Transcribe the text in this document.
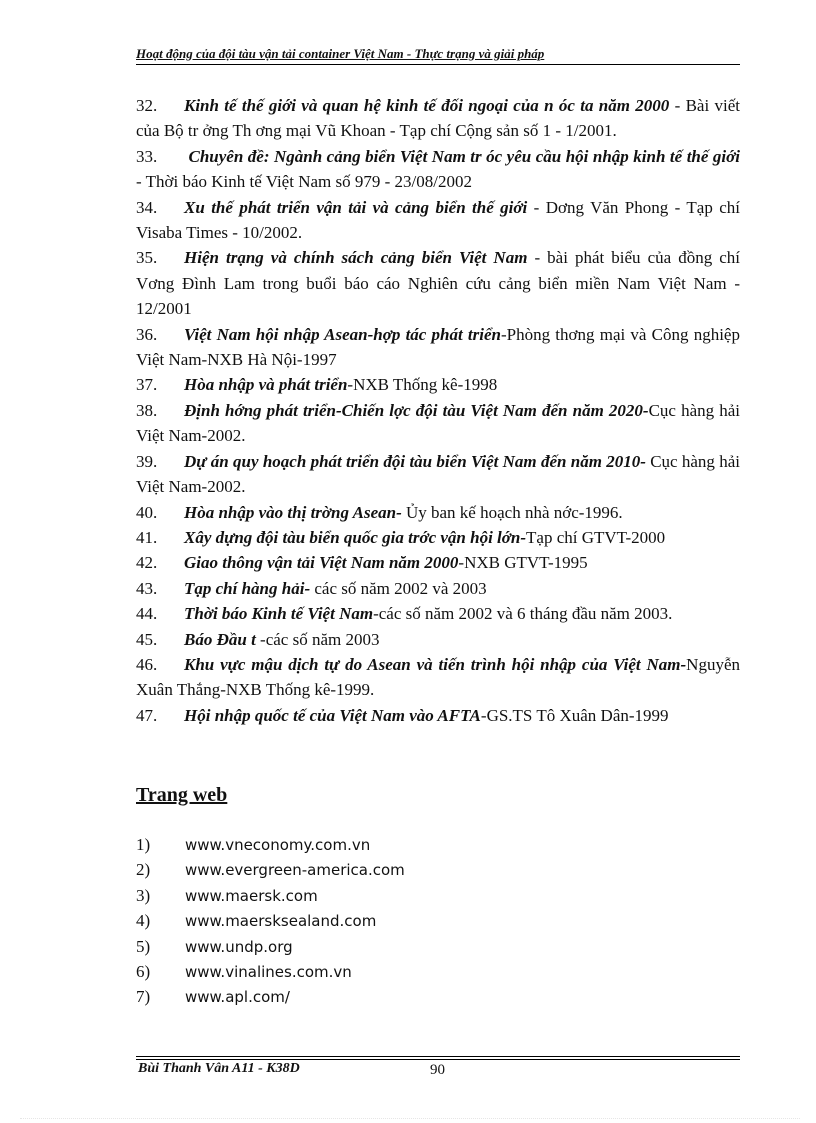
Hoạt động của đội tàu vận tải container Việt Nam - Thực trạng và giải pháp
32. Kinh tế thế giới và quan hệ kinh tế đối ngoại của n óc ta năm 2000 - Bài viết của Bộ tr ởng Th ơng mại Vũ Khoan - Tạp chí Cộng sản số 1 - 1/2001.
33. Chuyên đề: Ngành cảng biển Việt Nam tr óc yêu cầu hội nhập kinh tế thế giới - Thời báo Kinh tế Việt Nam số 979 - 23/08/2002
34. Xu thế phát triển vận tải và cảng biển thế giới - Dơng Văn Phong - Tạp chí Visaba Times - 10/2002.
35. Hiện trạng và chính sách cảng biển Việt Nam - bài phát biểu của đồng chí Vơng Đình Lam trong buổi báo cáo Nghiên cứu cảng biển miền Nam Việt Nam - 12/2001
36. Việt Nam hội nhập Asean-hợp tác phát triển-Phòng thơng mại và Công nghiệp Việt Nam-NXB Hà Nội-1997
37. Hòa nhập và phát triển-NXB Thống kê-1998
38. Định hớng phát triển-Chiến lợc đội tàu Việt Nam đến năm 2020-Cục hàng hải Việt Nam-2002.
39. Dự án quy hoạch phát triển đội tàu biển Việt Nam đến năm 2010- Cục hàng hải Việt Nam-2002.
40. Hòa nhập vào thị trờng Asean- Ủy ban kế hoạch nhà nớc-1996.
41. Xây dựng đội tàu biển quốc gia trớc vận hội lớn-Tạp chí GTVT-2000
42. Giao thông vận tải Việt Nam năm 2000-NXB GTVT-1995
43. Tạp chí hàng hải- các số năm 2002 và 2003
44. Thời báo Kinh tế Việt Nam-các số năm 2002 và 6 tháng đầu năm 2003.
45. Báo Đầu t -các số năm 2003
46. Khu vực mậu dịch tự do Asean và tiến trình hội nhập của Việt Nam-Nguyễn Xuân Thắng-NXB Thống kê-1999.
47. Hội nhập quốc tế của Việt Nam vào AFTA-GS.TS Tô Xuân Dân-1999
Trang web
1) www.vneconomy.com.vn
2) www.evergreen-america.com
3) www.maersk.com
4) www.maersksealand.com
5) www.undp.org
6) www.vinalines.com.vn
7) www.apl.com/
Bùi Thanh Vân A11 - K38D	90
